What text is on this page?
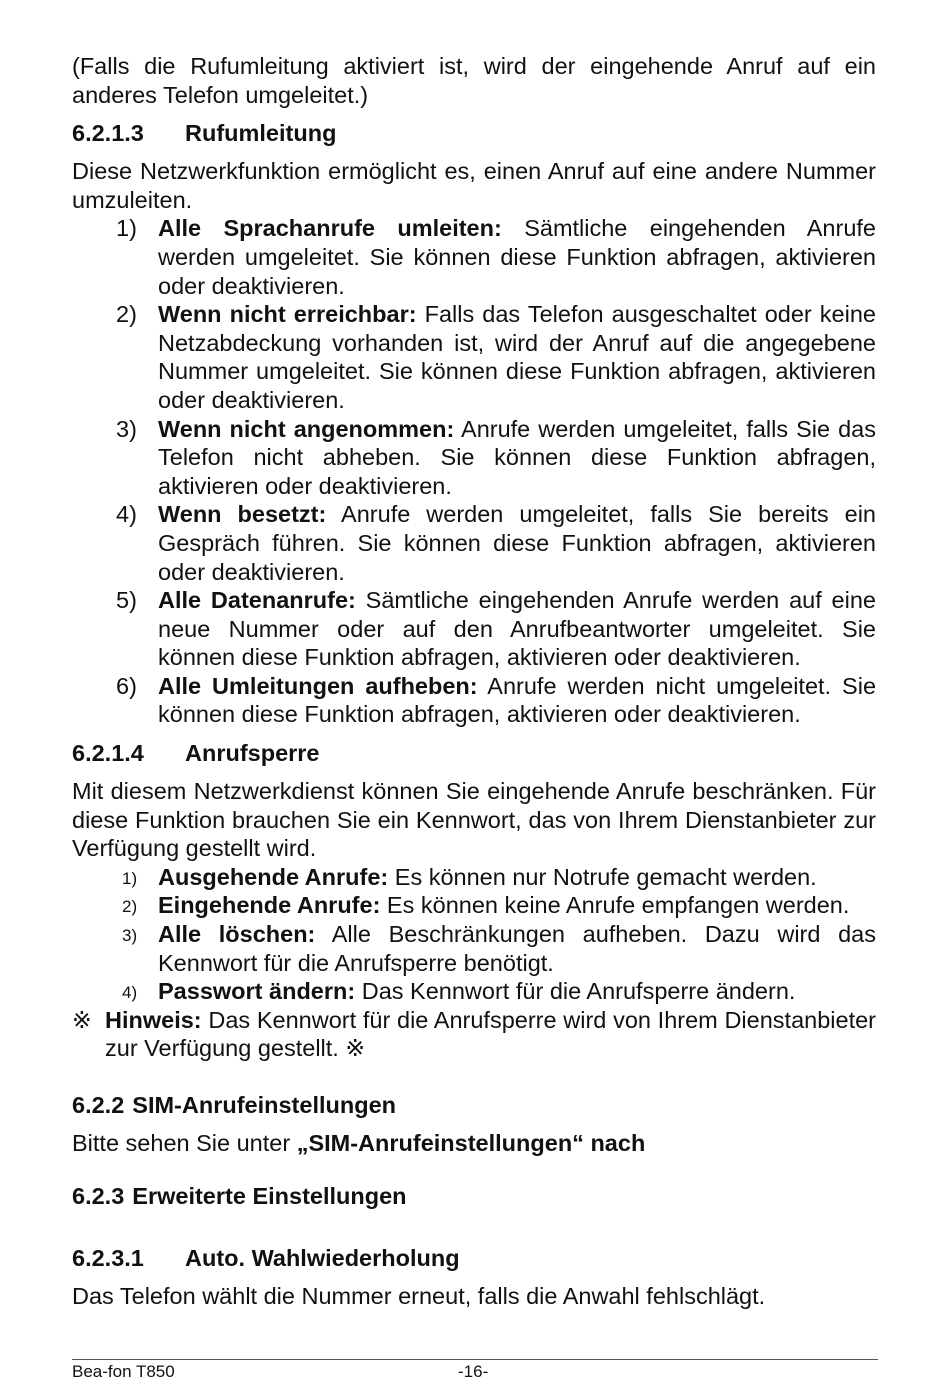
(Falls die Rufumleitung aktiviert ist, wird der eingehende Anruf auf ein anderes Telefon umgeleitet.)

6.2.1.3 Rufumleitung

Diese Netzwerkfunktion ermöglicht es, einen Anruf auf eine andere Nummer umzuleiten.

1) Alle Sprachanrufe umleiten: Sämtliche eingehenden Anrufe werden umgeleitet. Sie können diese Funktion abfragen, aktivieren oder deaktivieren.
2) Wenn nicht erreichbar: Falls das Telefon ausgeschaltet oder keine Netzabdeckung vorhanden ist, wird der Anruf auf die angegebene Nummer umgeleitet. Sie können diese Funktion abfragen, aktivieren oder deaktivieren.
3) Wenn nicht angenommen: Anrufe werden umgeleitet, falls Sie das Telefon nicht abheben. Sie können diese Funktion abfragen, aktivieren oder deaktivieren.
4) Wenn besetzt: Anrufe werden umgeleitet, falls Sie bereits ein Gespräch führen. Sie können diese Funktion abfragen, aktivieren oder deaktivieren.
5) Alle Datenanrufe: Sämtliche eingehenden Anrufe werden auf eine neue Nummer oder auf den Anrufbeantworter umgeleitet. Sie können diese Funktion abfragen, aktivieren oder deaktivieren.
6) Alle Umleitungen aufheben: Anrufe werden nicht umgeleitet. Sie können diese Funktion abfragen, aktivieren oder deaktivieren.
6.2.1.4 Anrufsperre

Mit diesem Netzwerkdienst können Sie eingehende Anrufe beschränken. Für diese Funktion brauchen Sie ein Kennwort, das von Ihrem Dienstanbieter zur Verfügung gestellt wird.

1) Ausgehende Anrufe: Es können nur Notrufe gemacht werden.
2) Eingehende Anrufe: Es können keine Anrufe empfangen werden.
3) Alle löschen: Alle Beschränkungen aufheben. Dazu wird das Kennwort für die Anrufsperre benötigt.
4) Passwort ändern: Das Kennwort für die Anrufsperre ändern.
※ Hinweis: Das Kennwort für die Anrufsperre wird von Ihrem Dienstanbieter zur Verfügung gestellt. ※
6.2.2 SIM-Anrufeinstellungen

Bitte sehen Sie unter „SIM-Anrufeinstellungen“ nach

6.2.3 Erweiterte Einstellungen
6.2.3.1 Auto. Wahlwiederholung

Das Telefon wählt die Nummer erneut, falls die Anwahl fehlschlägt.

Bea-fon T850	-16-
